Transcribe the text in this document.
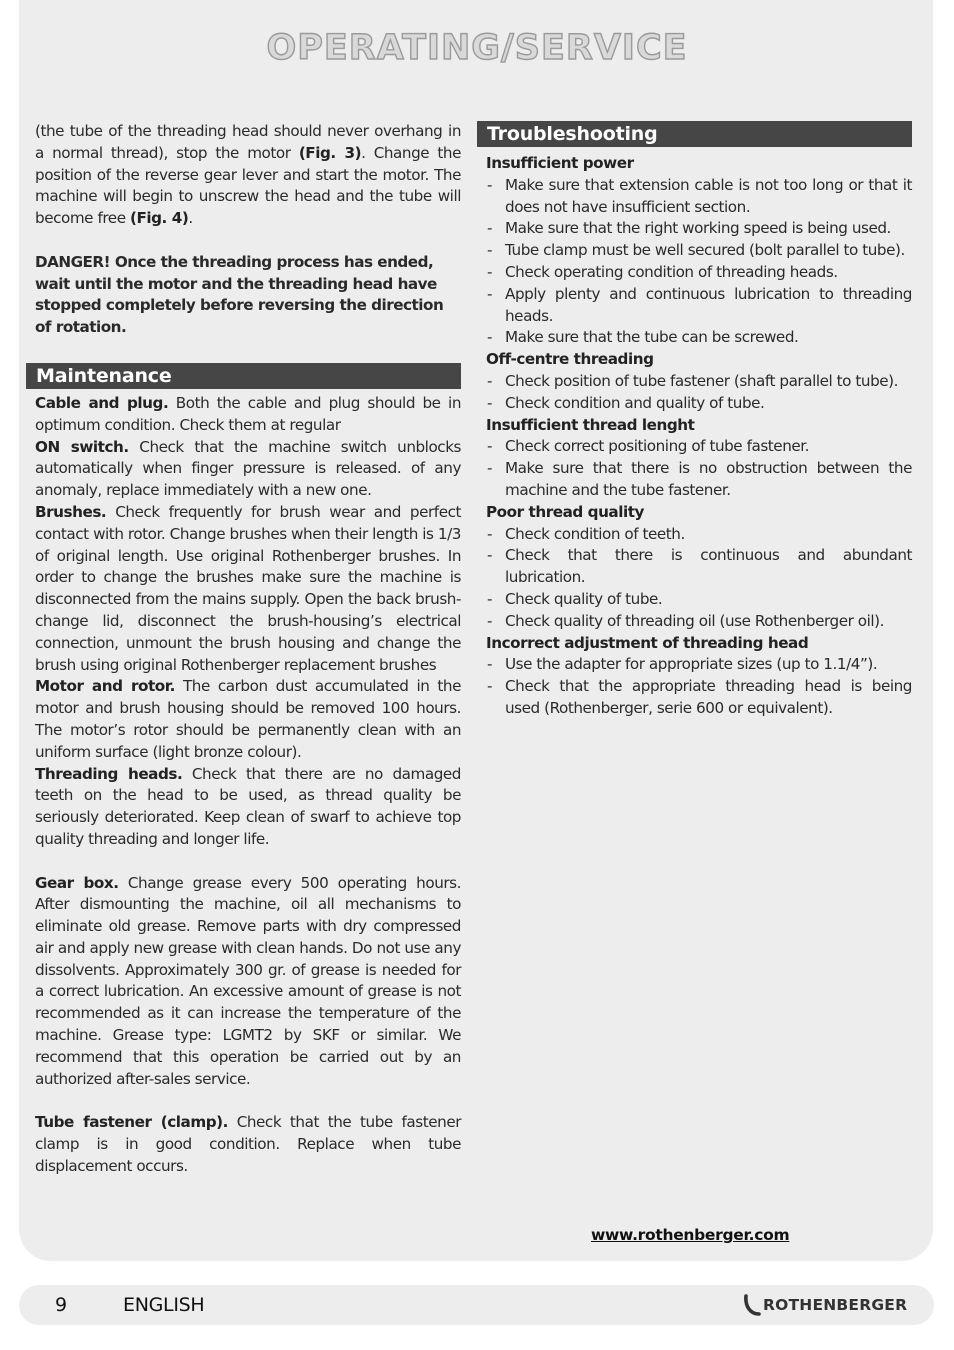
OPERATING/SERVICE

(the tube of the threading head should never overhang in a normal thread), stop the motor (Fig. 3). Change the position of the reverse gear lever and start the motor. The machine will begin to unscrew the head and the tube will become free (Fig. 4).

DANGER! Once the threading process has ended, wait until the motor and the threading head have stopped completely before reversing the direction of rotation.

Maintenance

Cable and plug. Both the cable and plug should be in optimum condition. Check them at regular

ON switch. Check that the machine switch unblocks automatically when finger pressure is released. of any anomaly, replace immediately with a new one.

Brushes. Check frequently for brush wear and perfect contact with rotor. Change brushes when their length is 1/3 of original length. Use original Rothenberger brushes. In order to change the brushes make sure the machine is disconnected from the mains supply. Open the back brush-change lid, disconnect the brush-housing’s electrical connection, unmount the brush housing and change the brush using original Rothenberger replacement brushes

Motor and rotor. The carbon dust accumulated in the motor and brush housing should be removed 100 hours. The motor’s rotor should be permanently clean with an uniform surface (light bronze colour).

Threading heads. Check that there are no damaged teeth on the head to be used, as thread quality be seriously deteriorated. Keep clean of swarf to achieve top quality threading and longer life.

Gear box. Change grease every 500 operating hours. After dismounting the machine, oil all mechanisms to eliminate old grease. Remove parts with dry compressed air and apply new grease with clean hands. Do not use any dissolvents. Approximately 300 gr. of grease is needed for a correct lubrication. An excessive amount of grease is not recommended as it can increase the temperature of the machine. Grease type: LGMT2 by SKF or similar. We recommend that this operation be carried out by an authorized after-sales service.

Tube fastener (clamp). Check that the tube fastener clamp is in good condition. Replace when tube displacement occurs.

Troubleshooting
Insufficient power
- Make sure that extension cable is not too long or that it does not have insufficient section.
- Make sure that the right working speed is being used.
- Tube clamp must be well secured (bolt parallel to tube).
- Check operating condition of threading heads.
- Apply plenty and continuous lubrication to threading heads.
- Make sure that the tube can be screwed.
Off-centre threading
- Check position of tube fastener (shaft parallel to tube).
- Check condition and quality of tube.
Insufficient thread lenght
- Check correct positioning of tube fastener.
- Make sure that there is no obstruction between the machine and the tube fastener.
Poor thread quality
- Check condition of teeth.
- Check that there is continuous and abundant lubrication.
- Check quality of tube.
- Check quality of threading oil (use Rothenberger oil).
Incorrect adjustment of threading head
- Use the adapter for appropriate sizes (up to 1.1/4”).
- Check that the appropriate threading head is being used (Rothenberger, serie 600 or equivalent).
www.rothenberger.com
9	ENGLISH	ROTHENBERGER
